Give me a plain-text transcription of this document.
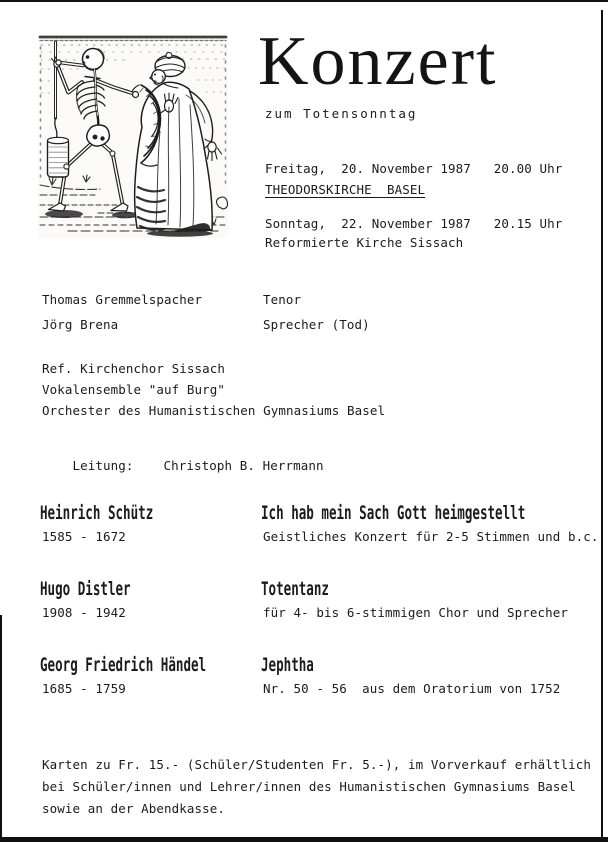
Konzert
zum Totensonntag
Freitag,  20. November 1987   20.00 Uhr
THEODORSKIRCHE  BASEL
Sonntag,  22. November 1987   20.15 Uhr
Reformierte Kirche Sissach
Thomas Gremmelspacher	Tenor
Jörg Brena	Sprecher (Tod)
Ref. Kirchenchor Sissach
Vokalensemble "auf Burg"
Orchester des Humanistischen Gymnasiums Basel

Leitung: Christoph B. Herrmann

Heinrich Schütz
1585 - 1672
Ich hab mein Sach Gott heimgestellt
Geistliches Konzert für 2-5 Stimmen und b.c.
Hugo Distler
1908 - 1942
Totentanz
für 4- bis 6-stimmigen Chor und Sprecher
Georg Friedrich Händel
1685 - 1759
Jephtha
Nr. 50 - 56  aus dem Oratorium von 1752
Karten zu Fr. 15.- (Schüler/Studenten Fr. 5.-), im Vorverkauf erhältlich
bei Schüler/innen und Lehrer/innen des Humanistischen Gymnasiums Basel
sowie an der Abendkasse.
